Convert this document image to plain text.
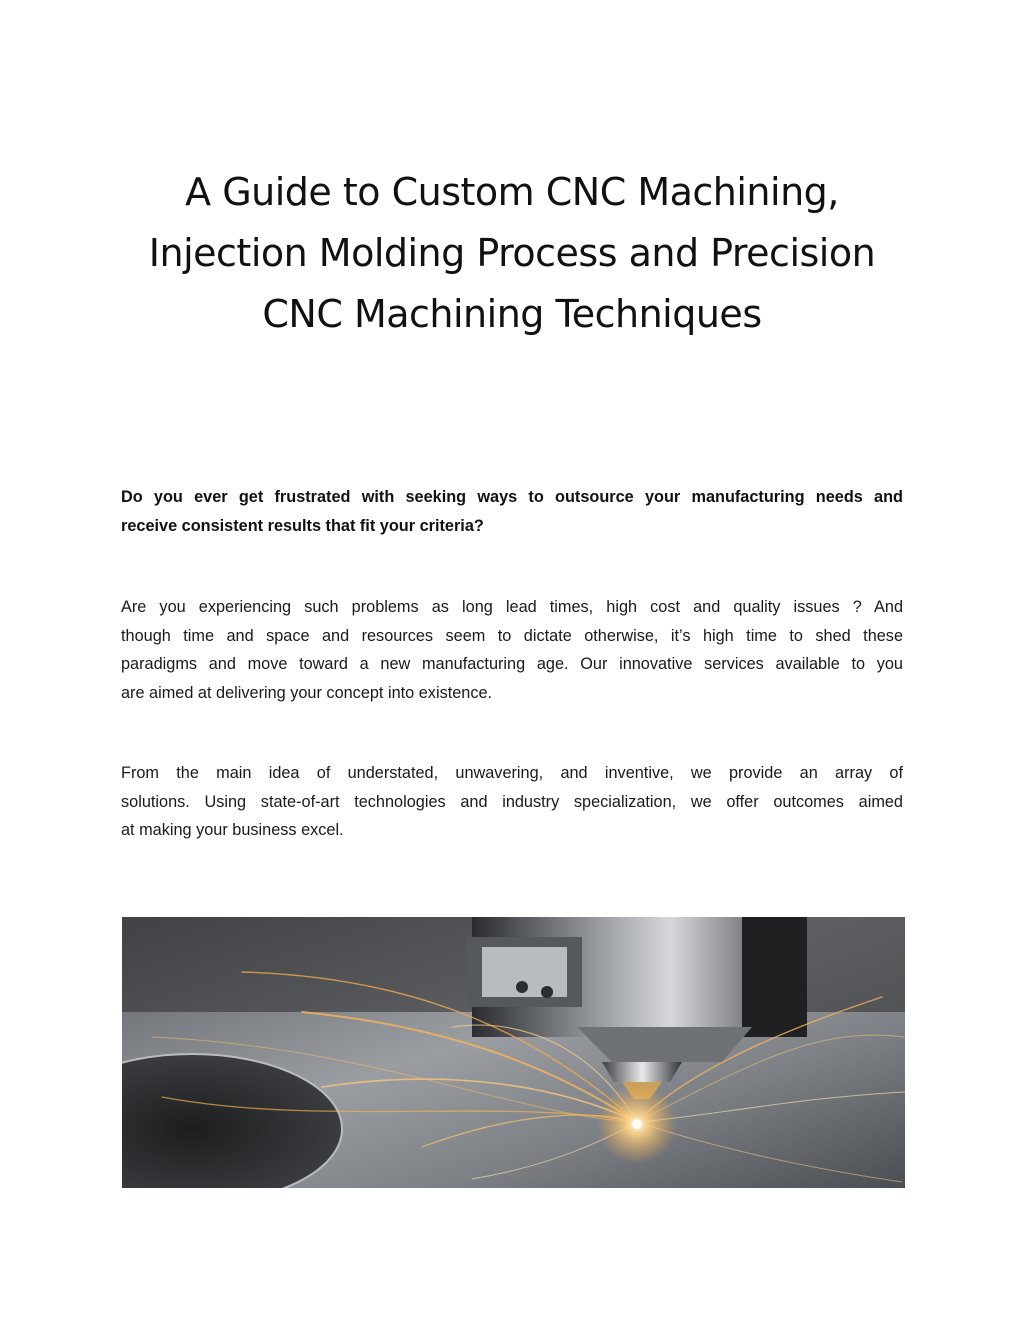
A Guide to Custom CNC Machining,
Injection Molding Process and Precision
CNC Machining Techniques

Do you ever get frustrated with seeking ways to outsource your manufacturing needs and
receive consistent results that fit your criteria?

Are you experiencing such problems as long lead times, high cost and quality issues ? And
though time and space and resources seem to dictate otherwise, it’s high time to shed these
paradigms and move toward a new manufacturing age. Our innovative services available to you
are aimed at delivering your concept into existence.

From the main idea of understated, unwavering, and inventive, we provide an array of
solutions. Using state-of-art technologies and industry specialization, we offer outcomes aimed
at making your business excel.
